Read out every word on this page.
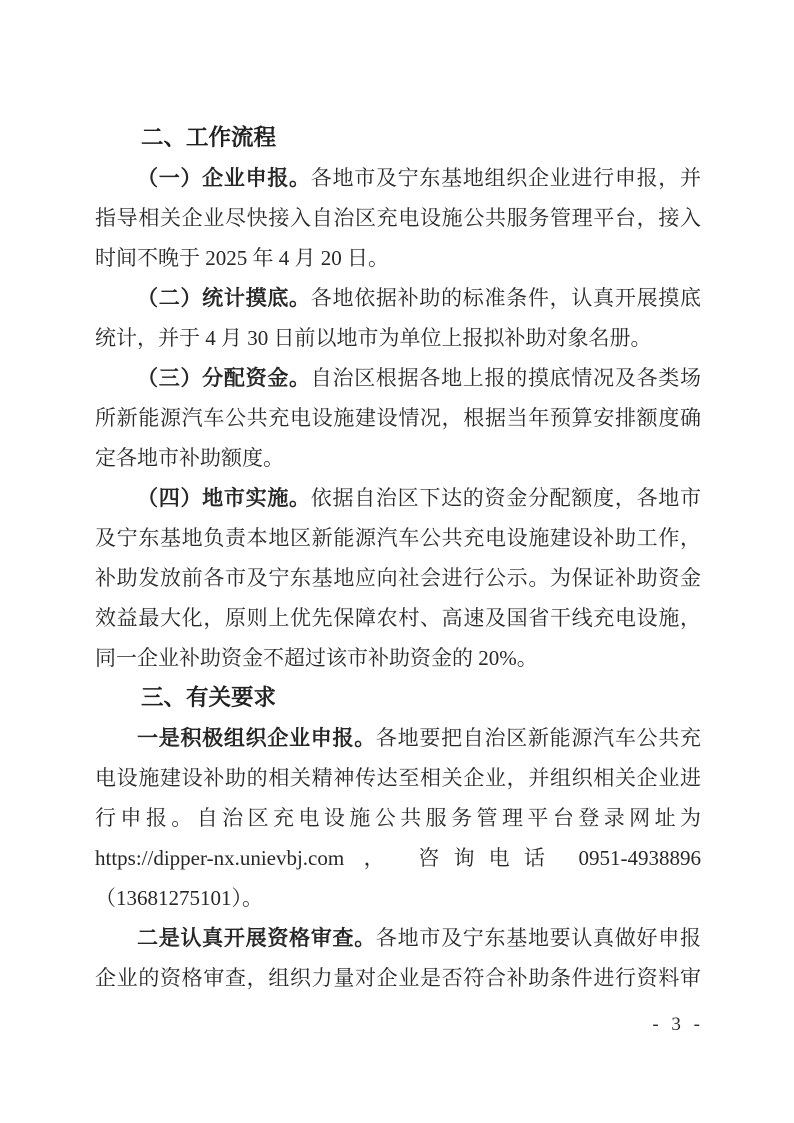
二、工作流程
（一）企业申报。各地市及宁东基地组织企业进行申报，并
指导相关企业尽快接入自治区充电设施公共服务管理平台，接入
时间不晚于 2025 年 4 月 20 日。
（二）统计摸底。各地依据补助的标准条件，认真开展摸底
统计，并于 4 月 30 日前以地市为单位上报拟补助对象名册。
（三）分配资金。自治区根据各地上报的摸底情况及各类场
所新能源汽车公共充电设施建设情况，根据当年预算安排额度确
定各地市补助额度。
（四）地市实施。依据自治区下达的资金分配额度，各地市
及宁东基地负责本地区新能源汽车公共充电设施建设补助工作，
补助发放前各市及宁东基地应向社会进行公示。为保证补助资金
效益最大化，原则上优先保障农村、高速及国省干线充电设施，
同一企业补助资金不超过该市补助资金的 20%。
三、有关要求
一是积极组织企业申报。各地要把自治区新能源汽车公共充
电设施建设补助的相关精神传达至相关企业，并组织相关企业进
行申报。自治区充电设施公共服务管理平台登录网址为
https://dipper-nx.unievbj.com ， 咨询电话 0951-4938896
（13681275101）。
二是认真开展资格审查。各地市及宁东基地要认真做好申报
企业的资格审查，组织力量对企业是否符合补助条件进行资料审
- 3 -
